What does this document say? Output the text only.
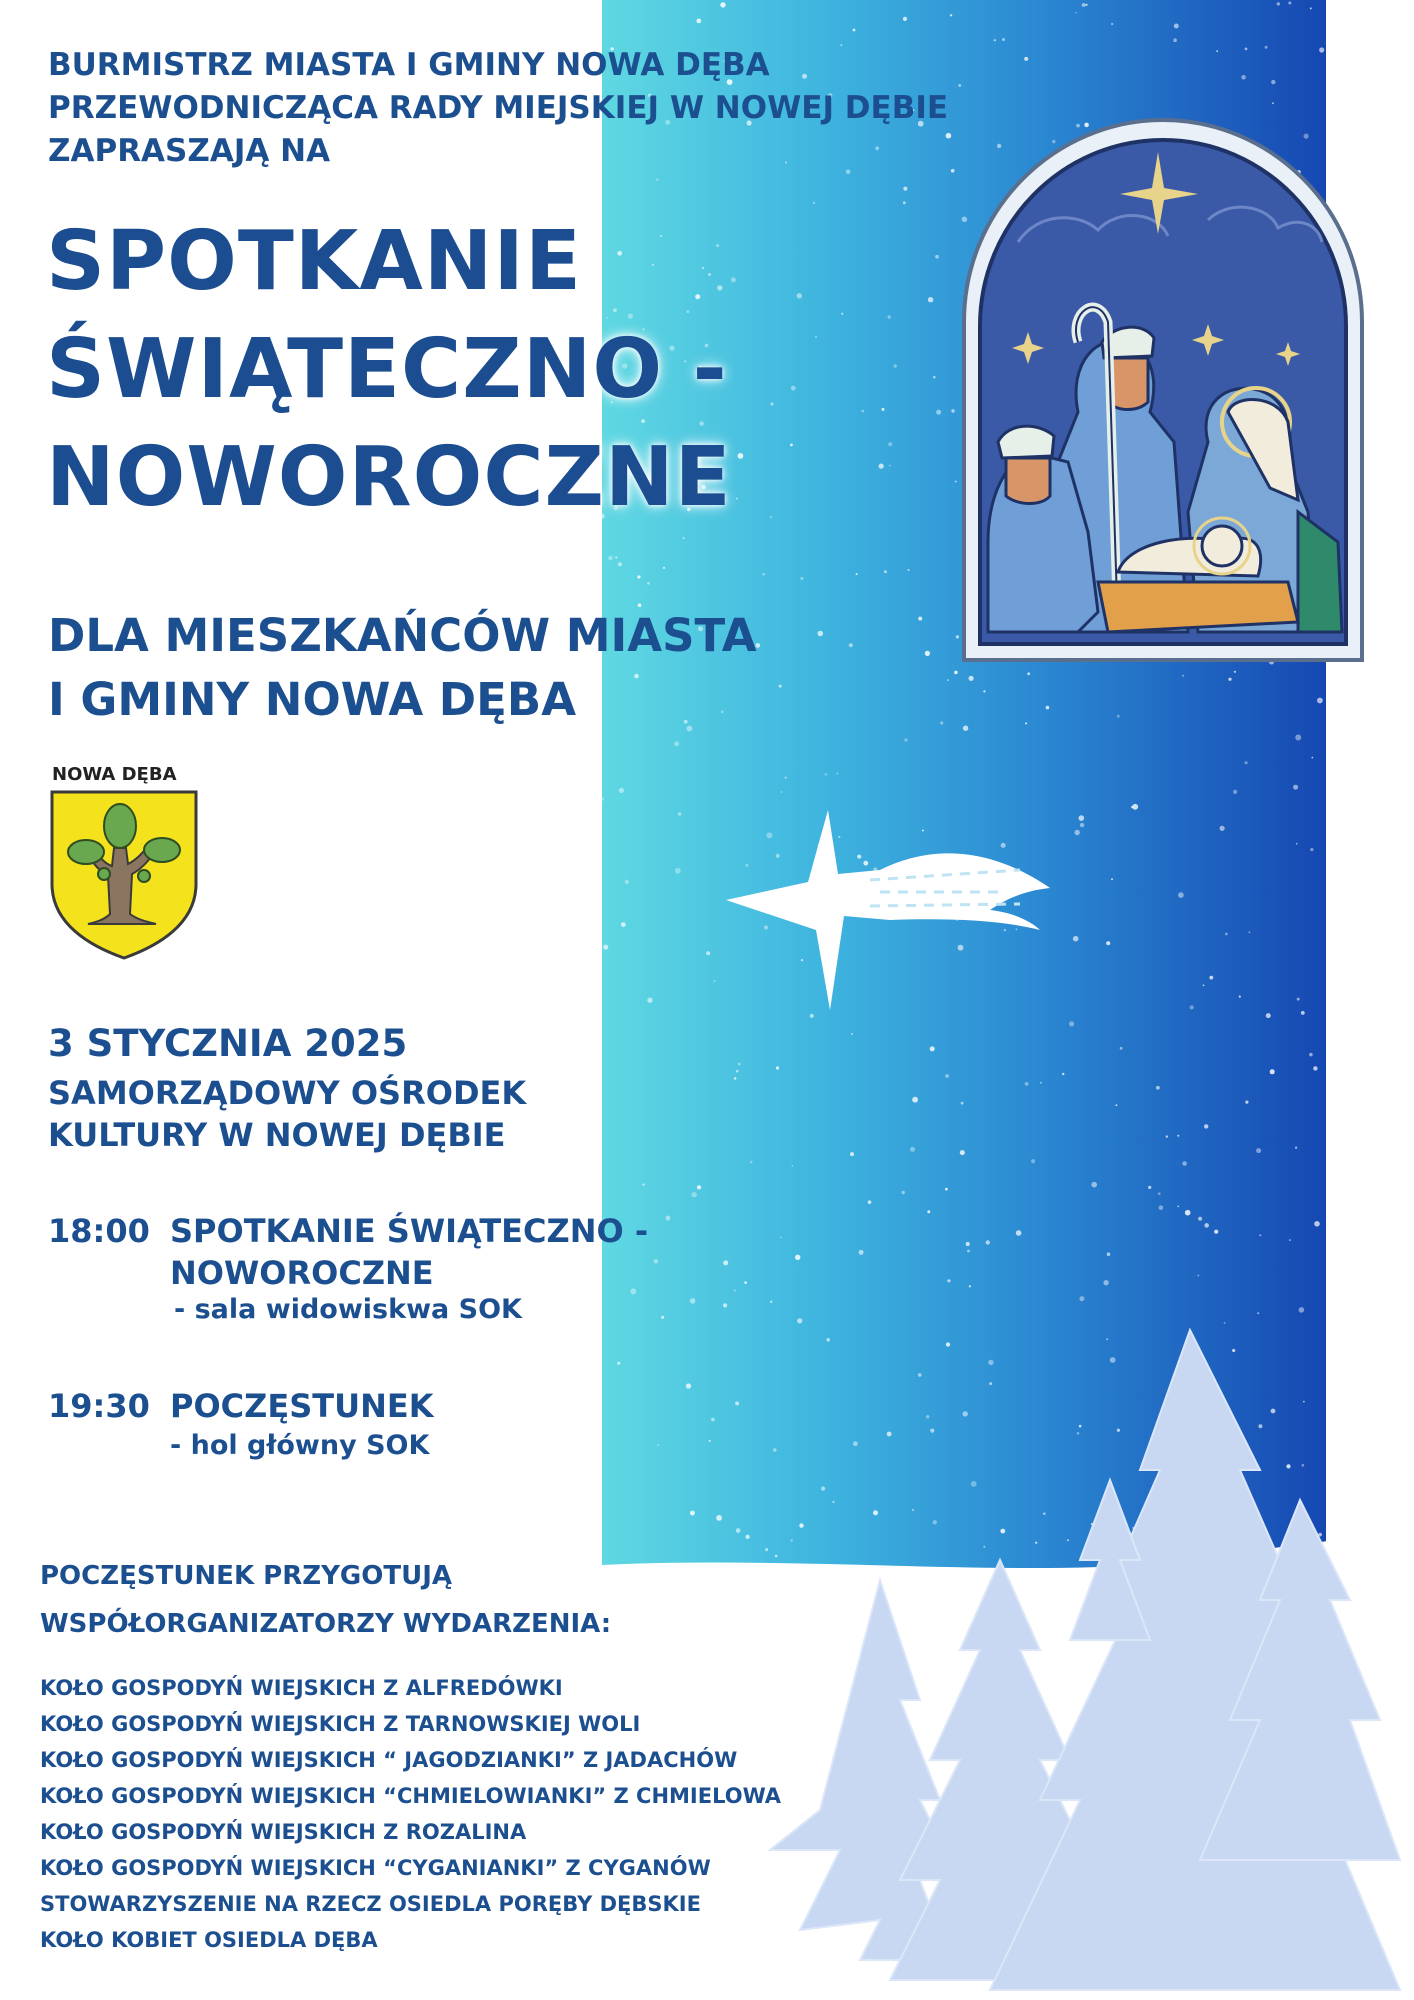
BURMISTRZ MIASTA I GMINY NOWA DĘBA
PRZEWODNICZĄCA RADY MIEJSKIEJ W NOWEJ DĘBIE
ZAPRASZAJĄ NA
SPOTKANIE
ŚWIĄTECZNO -
NOWOROCZNE
DLA MIESZKAŃCÓW MIASTA
I GMINY NOWA DĘBA
NOWA DĘBA
3 STYCZNIA 2025
SAMORZĄDOWY OŚRODEK
KULTURY W NOWEJ DĘBIE
18:00 SPOTKANIE ŚWIĄTECZNO -
NOWOROCZNE
- sala widowiskwa SOK
19:30 POCZĘSTUNEK
- hol główny SOK
POCZĘSTUNEK PRZYGOTUJĄ
WSPÓŁORGANIZATORZY WYDARZENIA:
KOŁO GOSPODYŃ WIEJSKICH Z ALFREDÓWKI
KOŁO GOSPODYŃ WIEJSKICH Z TARNOWSKIEJ WOLI
KOŁO GOSPODYŃ WIEJSKICH “ JAGODZIANKI” Z JADACHÓW
KOŁO GOSPODYŃ WIEJSKICH “CHMIELOWIANKI” Z CHMIELOWA
KOŁO GOSPODYŃ WIEJSKICH Z ROZALINA
KOŁO GOSPODYŃ WIEJSKICH “CYGANIANKI” Z CYGANÓW
STOWARZYSZENIE NA RZECZ OSIEDLA PORĘBY DĘBSKIE
KOŁO KOBIET OSIEDLA DĘBA
